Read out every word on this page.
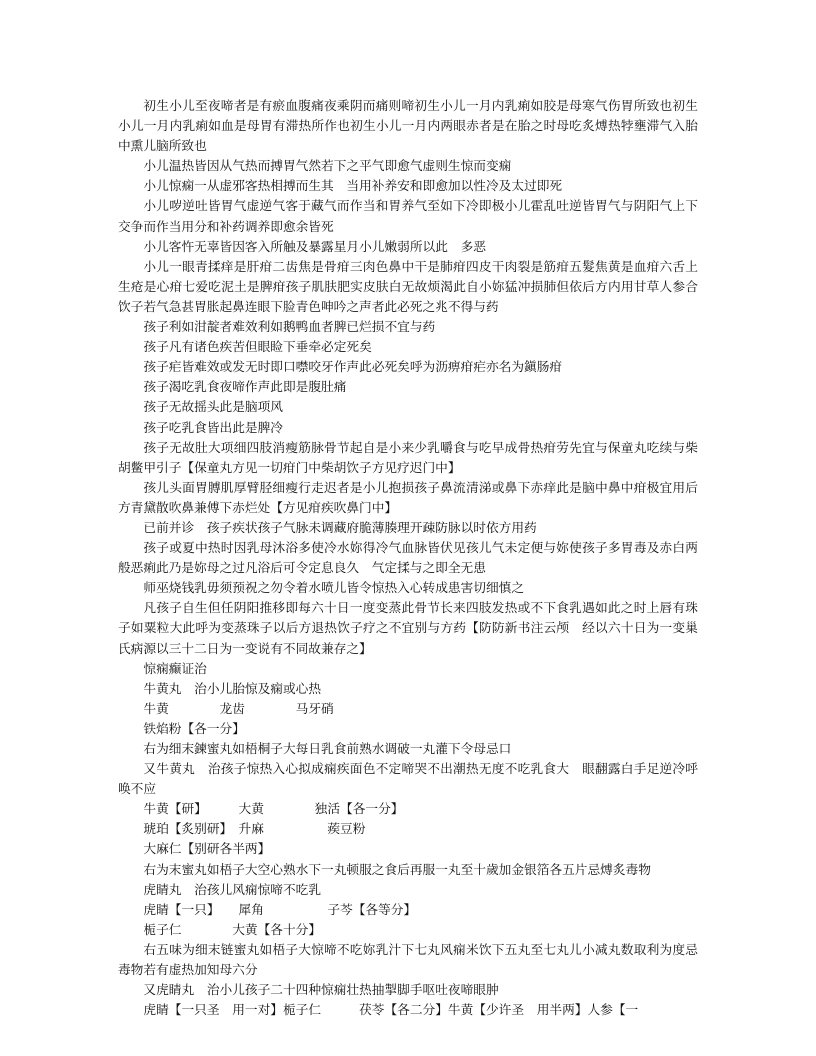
初生小儿至夜啼者是有瘀血腹痛夜乘阴而痛则啼初生小儿一月内乳痢如胶是母寒气伤胃所致也初生小儿一月内乳痢如血是母胃有滞热所作也初生小儿一月内两眼赤者是在胎之时母吃炙煿热㹀壅滞气入胎中熏儿脑所致也

小儿温热皆因从气热而搏胃气然若下之平气即愈气虚则生惊而变痫

小儿惊痫一从虚邪客热相搏而生其　当用补养安和即愈加以性冷及太过即死

小儿哕逆吐皆胃气虚逆气客于藏气而作当和胃养气至如下冷即极小儿霍乱吐逆皆胃气与阴阳气上下交争而作当用分和补药调养即愈余皆死

小儿客忤无辜皆因客入所触及暴露星月小儿嫩弱所以此　多恶

小儿一眼青揉痒是肝疳二齿焦是骨疳三肉色鼻中干是肺疳四皮干肉裂是筋疳五髮焦黄是血疳六舌上生疮是心疳七爱吃泥土是脾疳孩子肌肤肥实皮肤白无故烦渴此自小妳猛冲损肺但依后方内用甘草人参合饮子若气急甚胃胀起鼻连眼下脸青色呻吟之声者此必死之兆不得与药

孩子利如泔靛者难效利如鹅鸭血者脾已烂损不宜与药

孩子凡有诸色疾苦但眼睑下垂牵必定死矣

孩子疟皆难效或发无时即口噤咬牙作声此必死矣呼为沥痹疳疟亦名为鎭肠疳

孩子渴吃乳食夜啼作声此即是腹肚痛

孩子无故摇头此是脑项风

孩子吃乳食皆出此是脾冷

孩子无故肚大项细四肢消瘦筋脉骨节起自是小来少乳嚼食与吃早成骨热疳劳先宜与保童丸吃续与柴胡鳖甲引子【保童丸方见一切疳门中柴胡饮子方见疗迟门中】

孩儿头面胃膊肌厚臂胫细瘦行走迟者是小儿抱损孩子鼻流清涕或鼻下赤痒此是脑中鼻中疳极宜用后方青黛散吹鼻兼傅下赤烂处【方见疳疾吹鼻门中】

已前并诊　孩子疾状孩子气脉未调藏府脆薄腠理开疎防脉以时依方用药

孩子或夏中热时因乳母沐浴多使冷水妳得冷气血脉皆伏见孩儿气未定便与妳使孩子多胃毒及赤白两般恶痢此乃是妳母之过凡浴后可令定息良久　气定揉与之即全无患

师巫烧钱乳毋须预祝之勿令着水喷儿皆令惊热入心转成患害切细慎之

凡孩子自生但任阴阳推移即每六十日一度变蒸此骨节长来四肢发热或不下食乳遇如此之时上唇有珠子如粟粒大此呼为变蒸珠子以后方退热饮子疗之不宜别与方药【防防新书注云颅　经以六十日为一变巢氏病源以三十二日为一变说有不同故兼存之】

惊痫癫证治

牛黄丸　治小儿胎惊及痫或心热

牛黄　　　　龙齿　　　　马牙硝

铁焰粉【各一分】

右为细末鍊蜜丸如梧桐子大每日乳食前熟水调破一丸灌下令母忌口

又牛黄丸　治孩子惊热入心拟成痫疾面色不定啼哭不出潮热无度不吃乳食大　眼翻露白手足逆冷呼唤不应

牛黄【研】　　　大黄　　　　独活【各一分】

琥珀【炙别研】　升麻　　　　　蒺豆粉

大麻仁【别研各半两】

右为末蜜丸如梧子大空心熟水下一丸顿服之食后再服一丸至十歲加金银箔各五片忌煿炙毒物

虎睛丸　治孩儿风痫惊啼不吃乳

虎睛【一只】　　犀角　　　　　子芩【各等分】

栀子仁　　　　大黄【各十分】

右五味为细末链蜜丸如梧子大惊啼不吃妳乳汁下七丸风痫米饮下五丸至七丸儿小减丸数取利为度忌毒物若有虚热加知母六分

又虎睛丸　治小儿孩子二十四种惊痫壮热抽掣脚手呕吐夜啼眼肿

虎睛【一只圣　用一对】栀子仁　　　茯苓【各二分】牛黄【少许圣　用半两】人参【一
